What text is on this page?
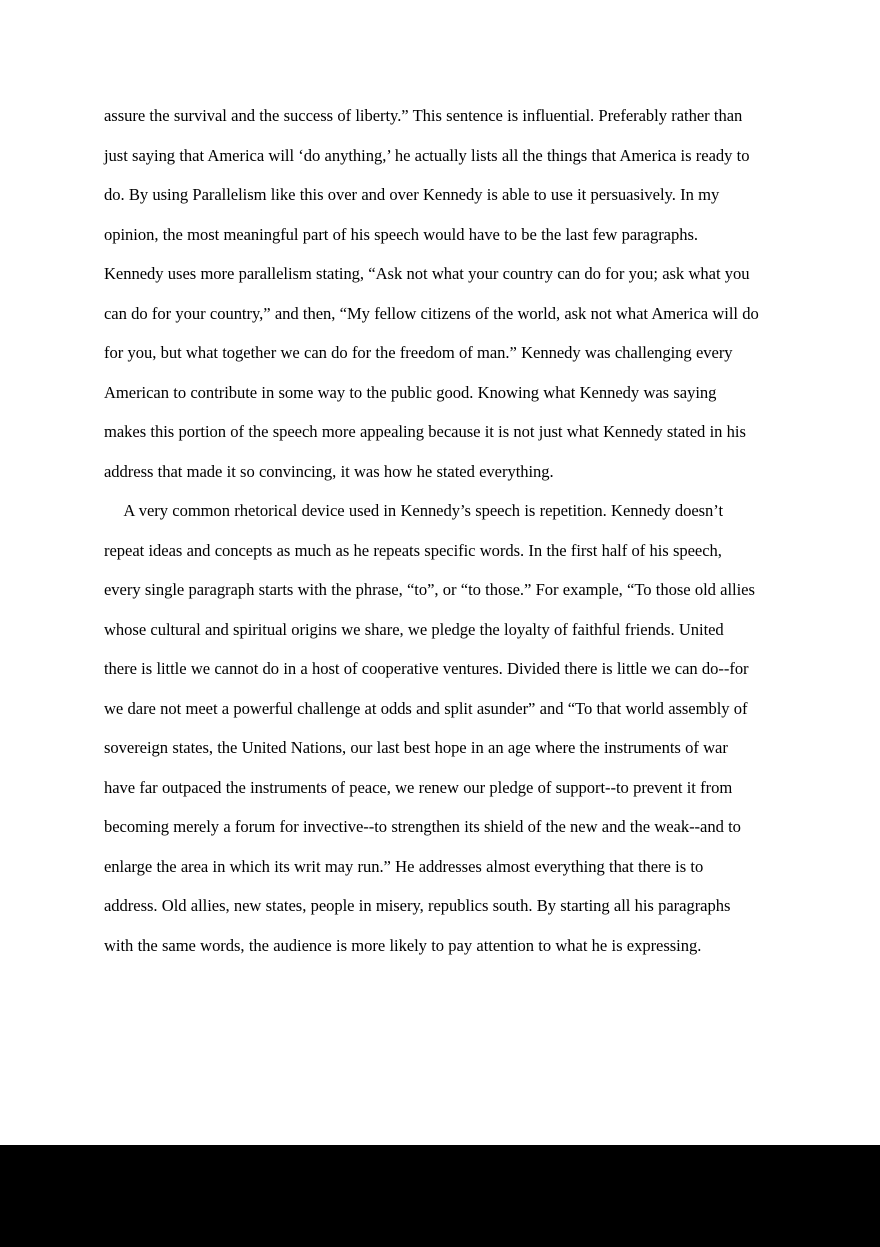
assure the survival and the success of liberty.” This sentence is influential. Preferably rather than just saying that America will ‘do anything,’ he actually lists all the things that America is ready to do. By using Parallelism like this over and over Kennedy is able to use it persuasively. In my opinion, the most meaningful part of his speech would have to be the last few paragraphs. Kennedy uses more parallelism stating, “Ask not what your country can do for you; ask what you can do for your country,” and then, “My fellow citizens of the world, ask not what America will do for you, but what together we can do for the freedom of man.” Kennedy was challenging every American to contribute in some way to the public good. Knowing what Kennedy was saying makes this portion of the speech more appealing because it is not just what Kennedy stated in his address that made it so convincing, it was how he stated everything.

A very common rhetorical device used in Kennedy’s speech is repetition. Kennedy doesn’t repeat ideas and concepts as much as he repeats specific words. In the first half of his speech, every single paragraph starts with the phrase, “to”, or “to those.” For example, “To those old allies whose cultural and spiritual origins we share, we pledge the loyalty of faithful friends. United there is little we cannot do in a host of cooperative ventures. Divided there is little we can do--for we dare not meet a powerful challenge at odds and split asunder” and “To that world assembly of sovereign states, the United Nations, our last best hope in an age where the instruments of war have far outpaced the instruments of peace, we renew our pledge of support--to prevent it from becoming merely a forum for invective--to strengthen its shield of the new and the weak--and to enlarge the area in which its writ may run.” He addresses almost everything that there is to address. Old allies, new states, people in misery, republics south. By starting all his paragraphs with the same words, the audience is more likely to pay attention to what he is expressing.
